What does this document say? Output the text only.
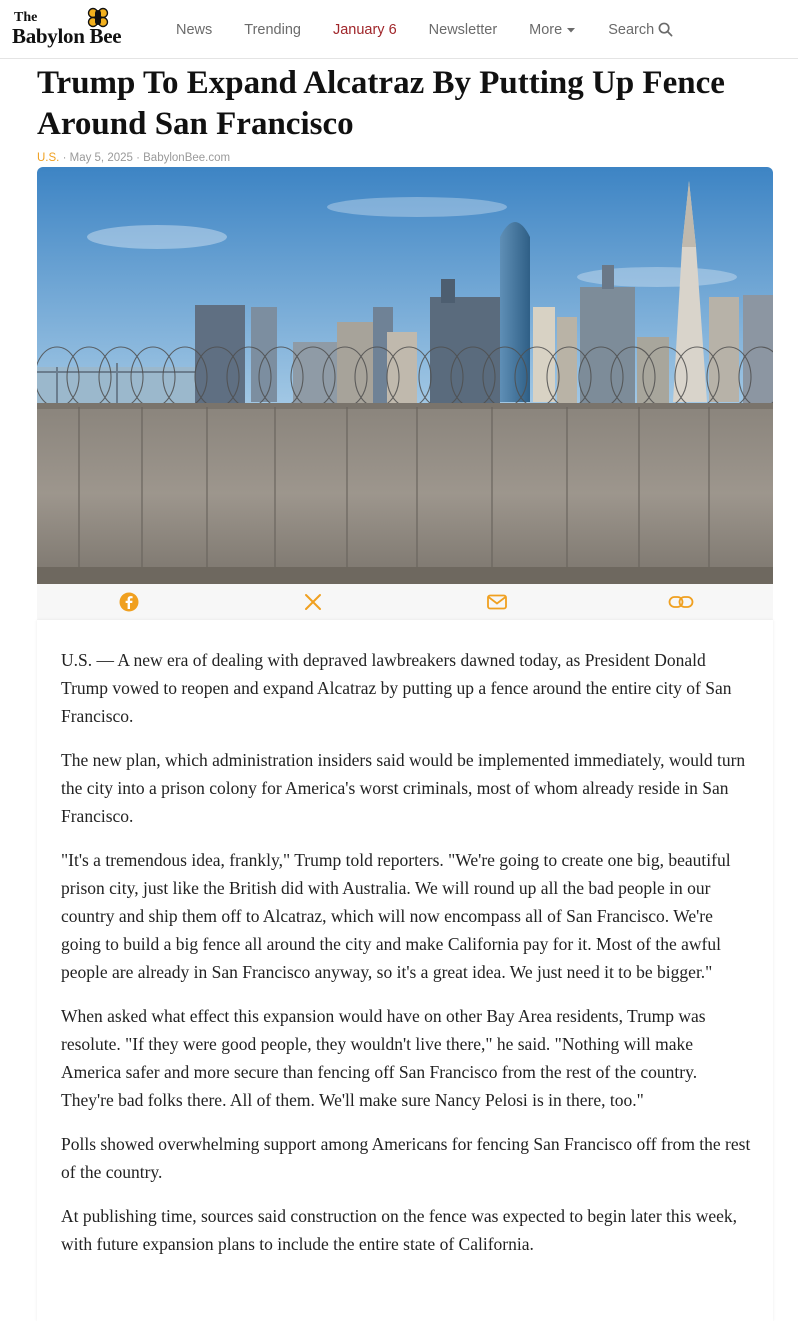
The
Babylon Bee	News Trending January 6 Newsletter More	Search
Trump To Expand Alcatraz By Putting Up Fence Around San Francisco
U.S. · May 5, 2025 · BabylonBee.com

U.S. — A new era of dealing with depraved lawbreakers dawned today, as President Donald Trump vowed to reopen and expand Alcatraz by putting up a fence around the entire city of San Francisco.

The new plan, which administration insiders said would be implemented immediately, would turn the city into a prison colony for America's worst criminals, most of whom already reside in San Francisco.

"It's a tremendous idea, frankly," Trump told reporters. "We're going to create one big, beautiful prison city, just like the British did with Australia. We will round up all the bad people in our country and ship them off to Alcatraz, which will now encompass all of San Francisco. We're going to build a big fence all around the city and make California pay for it. Most of the awful people are already in San Francisco anyway, so it's a great idea. We just need it to be bigger."

When asked what effect this expansion would have on other Bay Area residents, Trump was resolute. "If they were good people, they wouldn't live there," he said. "Nothing will make America safer and more secure than fencing off San Francisco from the rest of the country. They're bad folks there. All of them. We'll make sure Nancy Pelosi is in there, too."

Polls showed overwhelming support among Americans for fencing San Francisco off from the rest of the country.

At publishing time, sources said construction on the fence was expected to begin later this week, with future expansion plans to include the entire state of California.
